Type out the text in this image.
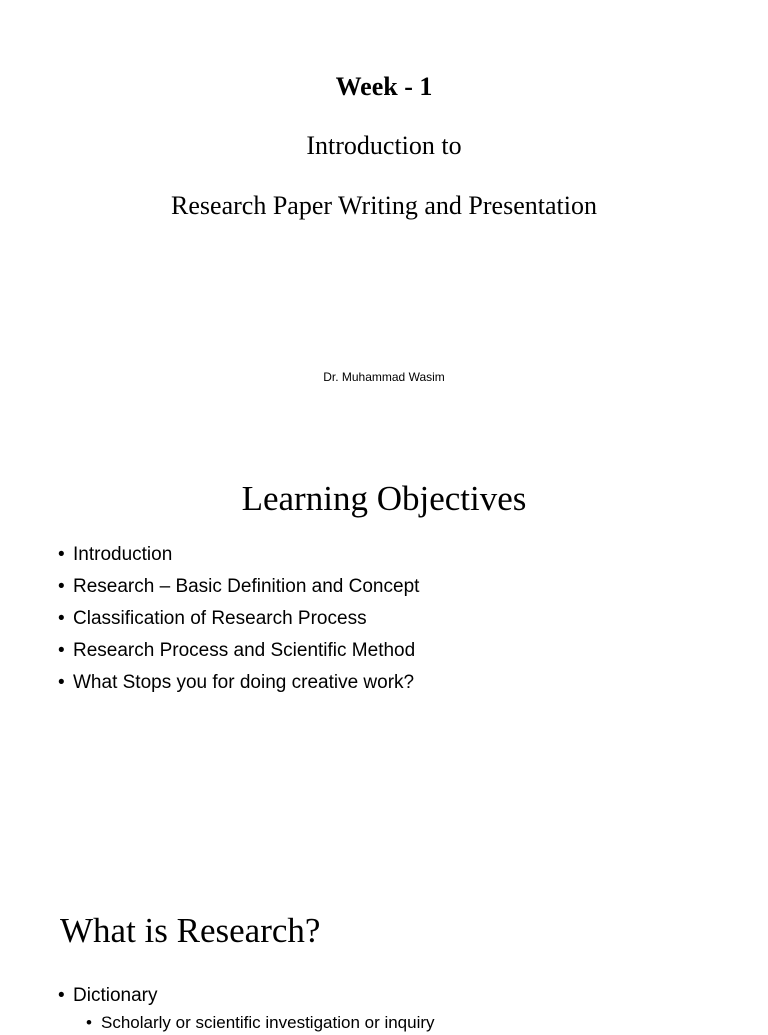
Week - 1
Introduction to
Research Paper Writing and Presentation
Dr. Muhammad Wasim
Learning Objectives
• Introduction
• Research – Basic Definition and Concept
• Classification of Research Process
• Research Process and Scientific Method
• What Stops you for doing creative work?
What is Research?
• Dictionary
• Scholarly or scientific investigation or inquiry
